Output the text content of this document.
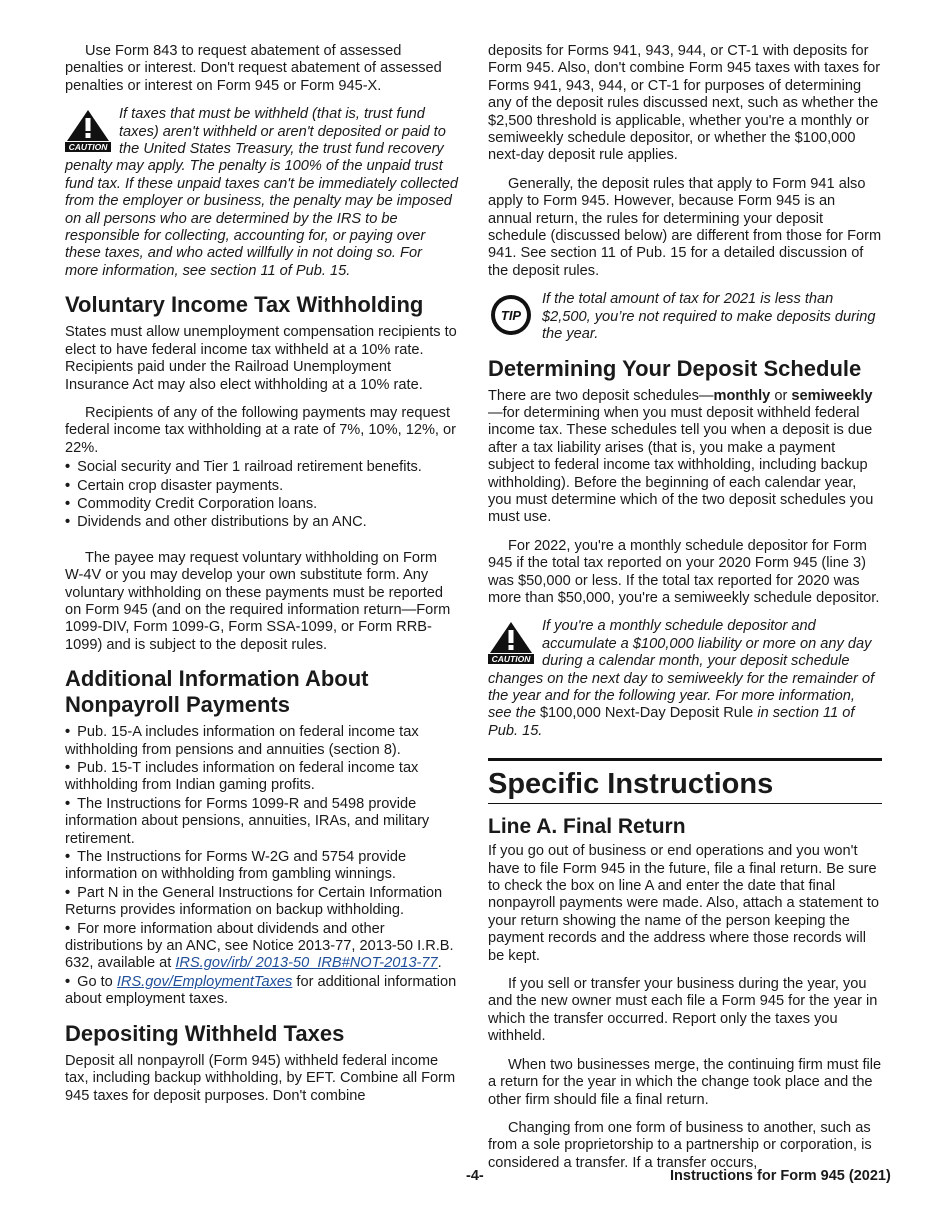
Use Form 843 to request abatement of assessed penalties or interest. Don't request abatement of assessed penalties or interest on Form 945 or Form 945-X.

CAUTION
If taxes that must be withheld (that is, trust fund taxes) aren't withheld or aren't deposited or paid to the United States Treasury, the trust fund recovery penalty may apply. The penalty is 100% of the unpaid trust fund tax. If these unpaid taxes can't be immediately collected from the employer or business, the penalty may be imposed on all persons who are determined by the IRS to be responsible for collecting, accounting for, or paying over these taxes, and who acted willfully in not doing so. For more information, see section 11 of Pub. 15.
Voluntary Income Tax Withholding

States must allow unemployment compensation recipients to elect to have federal income tax withheld at a 10% rate. Recipients paid under the Railroad Unemployment Insurance Act may also elect withholding at a 10% rate.

Recipients of any of the following payments may request federal income tax withholding at a rate of 7%, 10%, 12%, or 22%.

• Social security and Tier 1 railroad retirement benefits.
• Certain crop disaster payments.
• Commodity Credit Corporation loans.
• Dividends and other distributions by an ANC.

The payee may request voluntary withholding on Form W-4V or you may develop your own substitute form. Any voluntary withholding on these payments must be reported on Form 945 (and on the required information return—Form 1099-DIV, Form 1099-G, Form SSA-1099, or Form RRB-1099) and is subject to the deposit rules.

Additional Information About Nonpayroll Payments
• Pub. 15-A includes information on federal income tax withholding from pensions and annuities (section 8).
• Pub. 15-T includes information on federal income tax withholding from Indian gaming profits.
• The Instructions for Forms 1099-R and 5498 provide information about pensions, annuities, IRAs, and military retirement.
• The Instructions for Forms W-2G and 5754 provide information on withholding from gambling winnings.
• Part N in the General Instructions for Certain Information Returns provides information on backup withholding.
• For more information about dividends and other distributions by an ANC, see Notice 2013-77, 2013-50 I.R.B. 632, available at IRS.gov/irb/ 2013-50_IRB#NOT-2013-77.
• Go to IRS.gov/EmploymentTaxes for additional information about employment taxes.
Depositing Withheld Taxes

Deposit all nonpayroll (Form 945) withheld federal income tax, including backup withholding, by EFT. Combine all Form 945 taxes for deposit purposes. Don't combine

deposits for Forms 941, 943, 944, or CT-1 with deposits for Form 945. Also, don't combine Form 945 taxes with taxes for Forms 941, 943, 944, or CT-1 for purposes of determining any of the deposit rules discussed next, such as whether the $2,500 threshold is applicable, whether you're a monthly or semiweekly schedule depositor, or whether the $100,000 next-day deposit rule applies.

Generally, the deposit rules that apply to Form 941 also apply to Form 945. However, because Form 945 is an annual return, the rules for determining your deposit schedule (discussed below) are different from those for Form 941. See section 11 of Pub. 15 for a detailed discussion of the deposit rules.

TIP
If the total amount of tax for 2021 is less than $2,500, you’re not required to make deposits during the year.
Determining Your Deposit Schedule

There are two deposit schedules—monthly or semiweekly—for determining when you must deposit withheld federal income tax. These schedules tell you when a deposit is due after a tax liability arises (that is, you make a payment subject to federal income tax withholding, including backup withholding). Before the beginning of each calendar year, you must determine which of the two deposit schedules you must use.

For 2022, you're a monthly schedule depositor for Form 945 if the total tax reported on your 2020 Form 945 (line 3) was $50,000 or less. If the total tax reported for 2020 was more than $50,000, you're a semiweekly schedule depositor.

CAUTION
If you're a monthly schedule depositor and accumulate a $100,000 liability or more on any day during a calendar month, your deposit schedule changes on the next day to semiweekly for the remainder of the year and for the following year. For more information, see the $100,000 Next-Day Deposit Rule in section 11 of Pub. 15.
Specific Instructions
Line A. Final Return

If you go out of business or end operations and you won't have to file Form 945 in the future, file a final return. Be sure to check the box on line A and enter the date that final nonpayroll payments were made. Also, attach a statement to your return showing the name of the person keeping the payment records and the address where those records will be kept.

If you sell or transfer your business during the year, you and the new owner must each file a Form 945 for the year in which the transfer occurred. Report only the taxes you withheld.

When two businesses merge, the continuing firm must file a return for the year in which the change took place and the other firm should file a final return.

Changing from one form of business to another, such as from a sole proprietorship to a partnership or corporation, is considered a transfer. If a transfer occurs,

-4-	Instructions for Form 945 (2021)
